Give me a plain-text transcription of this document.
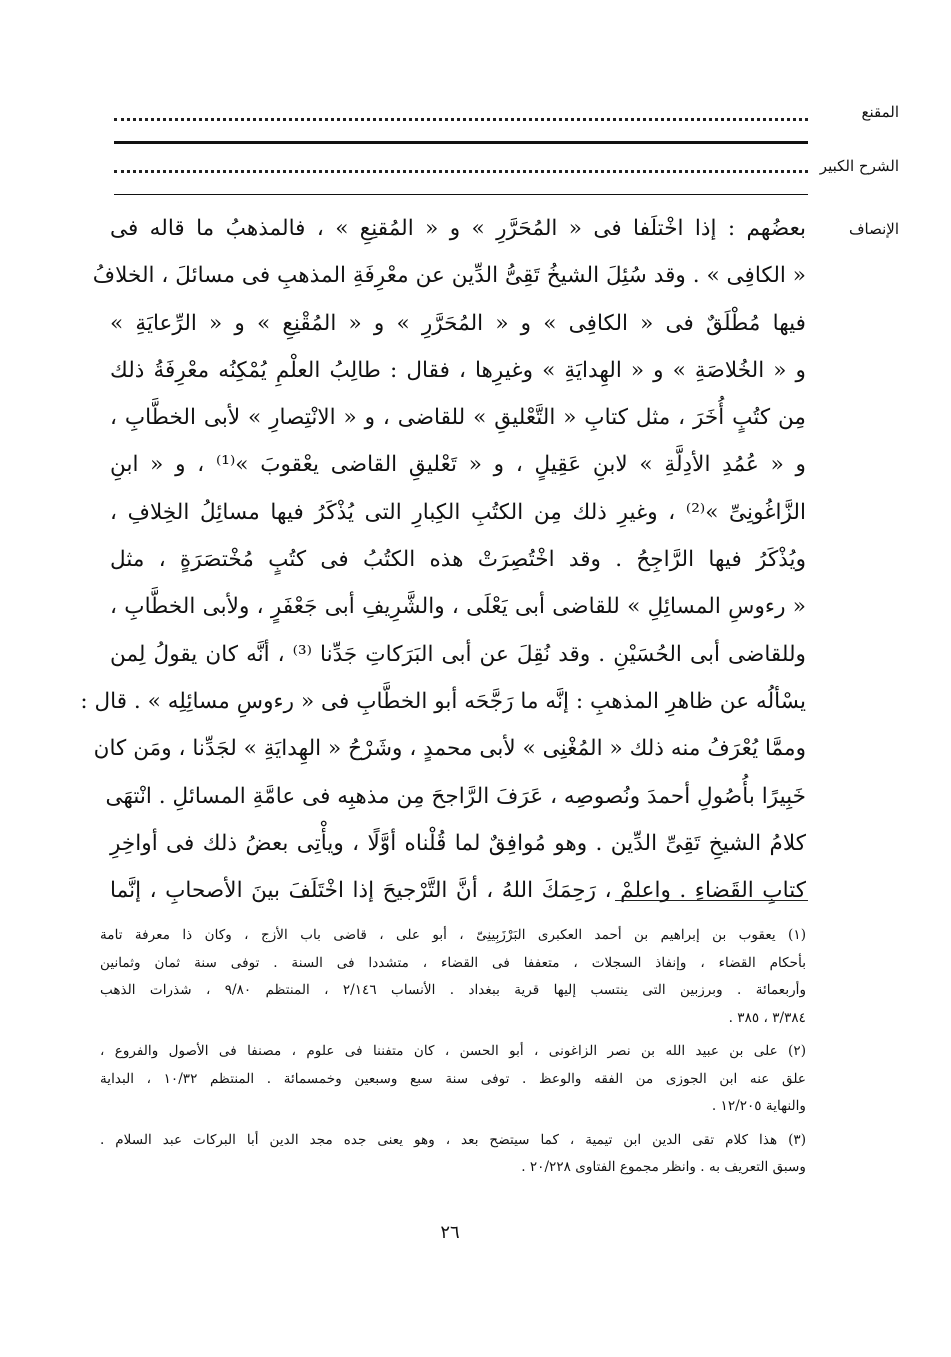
المقنع
الشرح الكبير
الإنصاف
بعضُهم : إذا اخْتلَفا فى « المُحَرَّرِ » و « المُقنِعِ » ، فالمذهبُ ما قاله فى
« الكافِى » . وقد سُئِلَ الشيخُ تَقِىُّ الدِّين عن معْرِفَةِ المذهبِ فى مسائلَ ، الخلافُ
فيها مُطْلَقٌ فى « الكافِى » و « المُحَرَّرِ » و « المُقْنِعِ » و « الرِّعايَةِ »
و « الخُلاصَةِ » و « الهِدايَةِ » وغيرِها ، فقال : طالِبُ العلْمِ يُمْكِنُه معْرِفَةُ ذلك
مِن كتُبٍ أُخَرَ ، مثل كتابِ « التَّعْليقِ » للقاضى ، و « الانْتِصارِ » لأبى الخطَّابِ ،
و « عُمُدِ الأدِلَّةِ » لابنِ عَقِيلٍ ، و « تَعْليقِ القاضى يعْقوبَ »⁽¹⁾ ، و « ابنِ
الزَّاغُونِىِّ »⁽²⁾ ، وغيرِ ذلك مِن الكتُبِ الكِبارِ التى يُذْكَرُ فيها مسائِلُ الخِلافِ ،
ويُذْكَرُ فيها الرَّاجِحُ . وقد اخْتُصِرَتْ هذه الكتُبُ فى كتُبٍ مُخْتصَرَةٍ ، مثل
« رءوسِ المسائِلِ » للقاضى أبى يَعْلَى ، والشَّرِيفِ أبى جَعْفَرٍ ، ولأبى الخطَّابِ ،
وللقاضى أبى الحُسَيْنِ . وقد نُقِلَ عن أبى البَرَكاتِ جَدِّنا ⁽³⁾ ، أنَّه كان يقولُ لِمن
يسْألُه عن ظاهرِ المذهبِ : إنَّه ما رَجَّحَه أبو الخطَّابِ فى « رءوسِ مسائِلِه » . قال :
وممَّا يُعْرَفُ منه ذلك « المُغْنِى » لأبى محمدٍ ، وشَرْحُ « الهِدايَةِ » لجَدِّنا ، ومَن كان
خَبِيرًا بأُصُولِ أحمدَ ونُصوصِه ، عَرَفَ الرَّاجحَ مِن مذهبِه فى عامَّةِ المسائلِ . انْتهَى
كلامُ الشيخِ تَقِىِّ الدِّين . وهو مُوافِقٌ لما قُلْناه أوَّلًا ، ويأْتِى بعضُ ذلك فى أواخِرِ
كتابِ القَضاءِ . واعلمْ ، رَحِمَكَ اللهُ ، أنَّ التَّرْجيحَ إذا اخْتَلَفَ بينَ الأصحابِ ، إنَّما
(١) يعقوب بن إبراهيم بن أحمد العكبرى البَرْزَبِينِىّ ، أبو على ، قاضى باب الأزج ، وكان ذا معرفة تامة
بأحكام القضاء ، وإنفاذ السجلات ، متعففا فى القضاء ، متشددا فى السنة . توفى سنة ثمان وثمانين
وأربعمائة . وبرزبين التى ينتسب إليها قرية ببغداد . الأنساب ٢/١٤٦ ، المنتظم ٩/٨٠ ، شذرات الذهب
٣/٣٨٤ ، ٣٨٥ .
(٢) على بن عبيد الله بن نصر الزاغونى ، أبو الحسن ، كان متفننا فى علوم ، مصنفا فى الأصول والفروع ،
علق عنه ابن الجوزى من الفقه والوعظ . توفى سنة سبع وسبعين وخمسمائة . المنتظم ١٠/٣٢ ، البداية
والنهاية ١٢/٢٠٥ .
(٣) هذا كلام تقى الدين ابن تيمية ، كما سيتضح بعد ، وهو يعنى جده مجد الدين أبا البركات عبد السلام .
وسبق التعريف به . وانظر مجموع الفتاوى ٢٠/٢٢٨ .
٢٦
